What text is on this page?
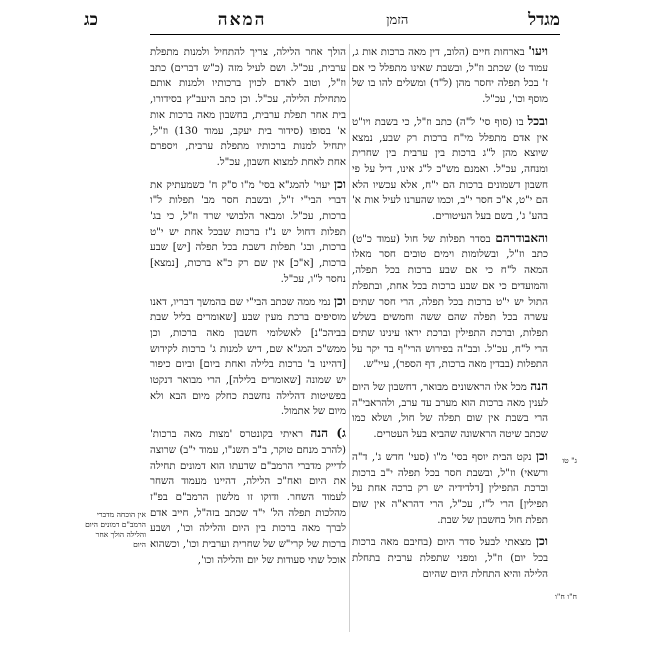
מגדל
הזמן
המאה
כג

ויעו' בארחות חיים (הלוב, דין מאה ברכות אות ג, עמוד ט) שכתב וז"ל, ובשבת שאינו מתפלל כי אם ז' בכל תפלה יחסר מהן (ל"ד) ומשלים להו בו של מוסף וכו', עכ"ל.

ובכל בו (סוף סי' ל"ה) כתב וז"ל, כי בשבת ויו"ט אין אדם מתפלל מי"ח ברכות רק שבע, נמצא שיוצא מהן ל"ג ברכות בין ערבית בין שחרית ומנחה, עכ"ל. ואמנם מש"כ ל"ג אינו, דיל על פי חשבון דשמונים ברכות הם י"ח, אלא עכשיו הלא הם י"ט, א"כ חסר י"ב, וכמו שהערנו לעיל אות א' בהע' ג', בשם בעל העיטורים.

והאבודרהם בסדר תפלות של חול (עמוד כ"ט) כתב וז"ל, ובשלומות וימים טובים חסר מאלו המאה ל"ח כי אם שבע ברכות בכל תפלה, והמועדים כי אם שבע ברכות בכל אחת, ובתפלת התול יש י"ט ברכות בכל תפלה, הרי חסר שתים עשרה בכל תפלה שהם ששה וחמשים בשלש תפלות, וברכת התפילין וברכת יראו עינינו שתים הרי ל"ח, עכ"ל. ובב"ה בפירוש הרי"ף בד יקר על התפלות (בבדין מאה ברכות, דף הספר), עיי"ש.

הנה מכל אלו הראשונים מבואר, דחשבון של היום לענין מאה ברכות הוא מערב עד ערב, ולהראבי"ה הרי בשבת אין שום תפלה של חול, ושלא כמו שכתב שיטה הראשונה שהביא בעל העטרים.

וכן נקט הבית יוסף בסי' מ"ו (סעי' חדש ג', ד"ה ורשאי) וז"ל, ובשבת חסר בכל תפלה י"ב ברכות וברכת התפילין [דלדידיה יש רק ברכה אחת על תפילין] הרי ל"ז, עכ"ל, הרי דהרא"ה אין שום תפלת חול בחשבון של שבת.

וכן מצאתי לבעל סדר היום (בחיבם מאה ברכות בכל יום) וז"ל, ומפני שתפלת ערבית בתחלת הלילה והיא התחלת היום שהיום

הולך אחר הלילה, צריך להתחיל ולמנות מתפלת ערבית, עכ"ל. ושם לעיל מזה (כ"ש דברים) כתב וז"ל, וטוב לאדם לכוין ברכותיו ולמנות אותם מתחילת הלילה, עכ"ל. וכן כתב היעב"ץ בסידורו, בית אחר תפלת ערבית, בחשבון מאה ברכות אות א' בסופו (סידור בית יעקב, עמוד 130) וז"ל, יתחיל למנות ברכותיו מתפלת ערבית, ויספרם אחת לאחת למצוא חשבון, עכ"ל.

וכן יעוי' להמג"א בסי' מ"ו ס"ק ח' כשמעתיק את דברי הבי"י ז"ל, ובשבת חסר מב' תפלות ל"ו ברכות, עכ"ל. ומבאר הלבושי שרד וז"ל, כי בג' תפלות דחול יש נ"ז ברכות שבכל אחת יש י"ט ברכות, ובג' תפלות דשבת בכל תפלה [יש] שבע ברכות, [א"כ] אין שם רק כ"א ברכות, [נמצא] נחסר ל"ו, עכ"ל.

וכן נמי ממה שכתב הבי"י שם בהמשך דבריו, דאנו מוסיפים ברכת מעין שבע [שאומרים בליל שבת בביהכ"נ] לאשלומי חשבון מאה ברכות, וכן ממש"כ המג"א שם, דיש למנות ג' ברכות לקידוש [דהיינו ב' ברכות בלילה ואחת ביום] וביום כיפור יש שמונה [שאומרים בלילה], הרי מבואר דנקטו בפשיטות דהלילה נחשבת כחלק מיום הבא ולא מיום של אתמול.

ג) הנה ראיתי בקונטרס 'מצות מאה ברכות' (להרב מנחם טוקר, ב"ב תשנ"ו, עמוד י"ב) שרוצה לדייק מדברי הרמב"ם שדעתו הוא דמונים תחילה את היום ואח"כ הלילה, דהיינו מעמוד השחר לעמוד השחר. ודוקו זו מלשון הרמב"ם בפ"ז מהלכות תפלה הל' י"ד שכתב בזה"ל, חייב אדם לברך מאה ברכות בין היום והלילה וכו', ושבע ברכות של קרי"ש של שחרית וערבית וכו', וכשהוא אוכל שתי סעודות של יום והלילה וכו',

אין הוכחה מדברי הרמב"ם דמונים היום והלילה הולך אחר היום
ג" טו
ח"ו ח"ו
